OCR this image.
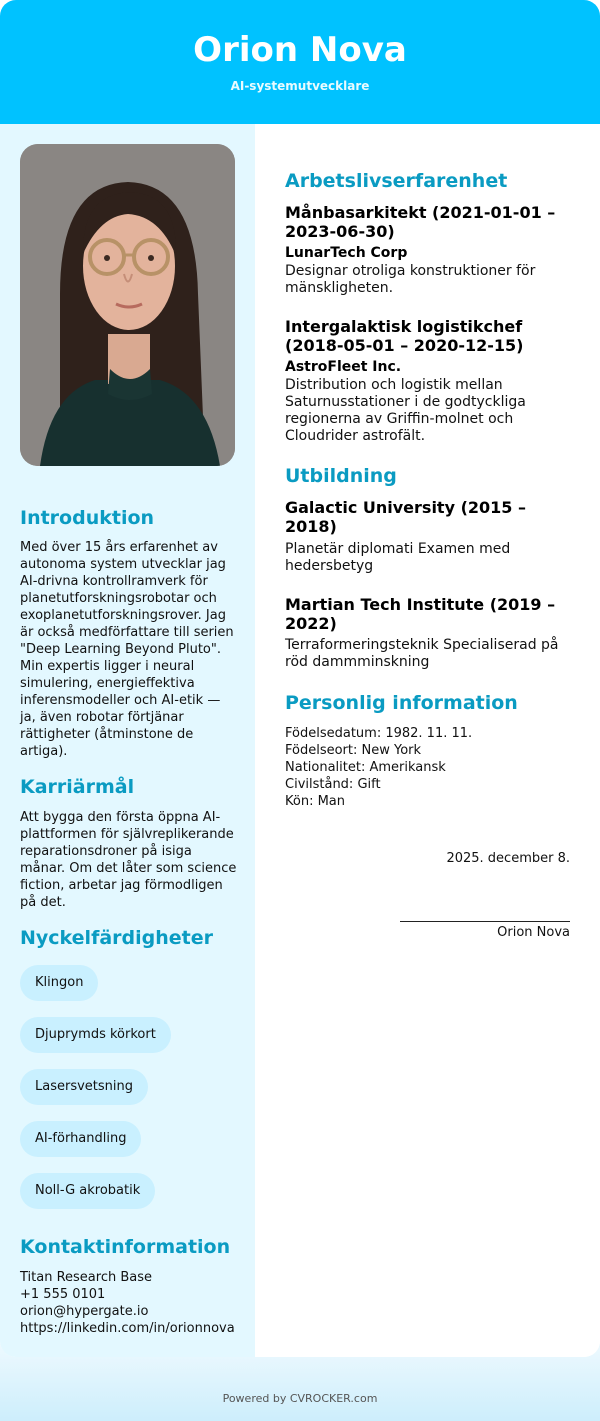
Orion Nova
AI-systemutvecklare
Introduktion

Med över 15 års erfarenhet av autonoma system utvecklar jag AI-drivna kontrollramverk för planetutforskningsrobotar och exoplanetutforskningsrover. Jag är också medförfattare till serien "Deep Learning Beyond Pluto". Min expertis ligger i neural simulering, energieffektiva inferensmodeller och AI-etik — ja, även robotar förtjänar rättigheter (åtminstone de artiga).

Karriärmål

Att bygga den första öppna AI-plattformen för självreplikerande reparationsdroner på isiga månar. Om det låter som science fiction, arbetar jag förmodligen på det.

Nyckelfärdigheter
Klingon
Djuprymds körkort
Lasersvetsning
AI-förhandling
Noll-G akrobatik
Kontaktinformation

Titan Research Base

+1 555 0101

orion@hypergate.io

https://linkedin.com/in/orionnova

Arbetslivserfarenhet
Månbasarkitekt (2021-01-01 – 2023-06-30)
LunarTech Corp
Designar otroliga konstruktioner för mänskligheten.
Intergalaktisk logistikchef (2018-05-01 – 2020-12-15)
AstroFleet Inc.
Distribution och logistik mellan Saturnusstationer i de godtyckliga regionerna av Griffin-molnet och Cloudrider astrofält.
Utbildning
Galactic University (2015 – 2018)
Planetär diplomati Examen med hedersbetyg
Martian Tech Institute (2019 – 2022)
Terraformeringsteknik Specialiserad på röd dammminskning
Personlig information

Födelsedatum: 1982. 11. 11.

Födelseort: New York

Nationalitet: Amerikansk

Civilstånd: Gift

Kön: Man

2025. december 8.
Orion Nova
Powered by CVROCKER.com
